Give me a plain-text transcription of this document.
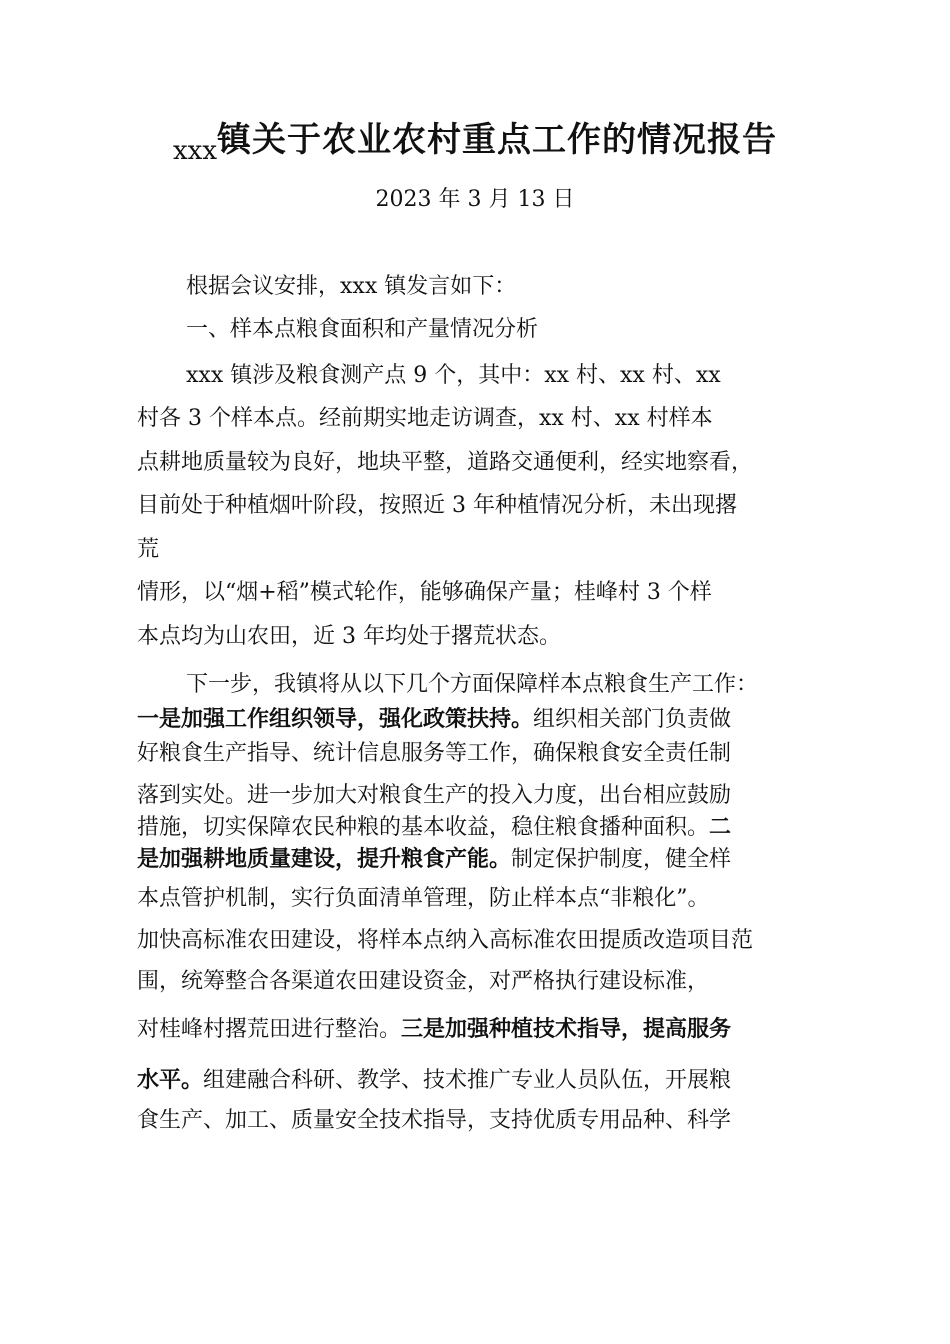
$_{xxx}$镇关于农业农村重点工作的情况报告
2023 年 3 月 13 日
根据会议安排，xxx 镇发言如下：
一、样本点粮食面积和产量情况分析
xxx 镇涉及粮食测产点 9 个，其中：xx 村、xx 村、xx
村各 3 个样本点。经前期实地走访调查，xx 村、xx 村样本
点耕地质量较为良好，地块平整，道路交通便利，经实地察看，
目前处于种植烟叶阶段，按照近 3 年种植情况分析，未出现撂
荒
情形，以“烟+稻”模式轮作，能够确保产量；桂峰村 3 个样
本点均为山农田，近 3 年均处于撂荒状态。
下一步，我镇将从以下几个方面保障样本点粮食生产工作：
一是加强工作组织领导，强化政策扶持。组织相关部门负责做
好粮食生产指导、统计信息服务等工作，确保粮食安全责任制
落到实处。进一步加大对粮食生产的投入力度，出台相应鼓励
措施，切实保障农民种粮的基本收益，稳住粮食播种面积。二
是加强耕地质量建设，提升粮食产能。制定保护制度，健全样
本点管护机制，实行负面清单管理，防止样本点“非粮化”。
加快高标准农田建设，将样本点纳入高标准农田提质改造项目范
围，统筹整合各渠道农田建设资金，对严格执行建设标准，
对桂峰村撂荒田进行整治。三是加强种植技术指导，提高服务
水平。组建融合科研、教学、技术推广专业人员队伍，开展粮
食生产、加工、质量安全技术指导，支持优质专用品种、科学
